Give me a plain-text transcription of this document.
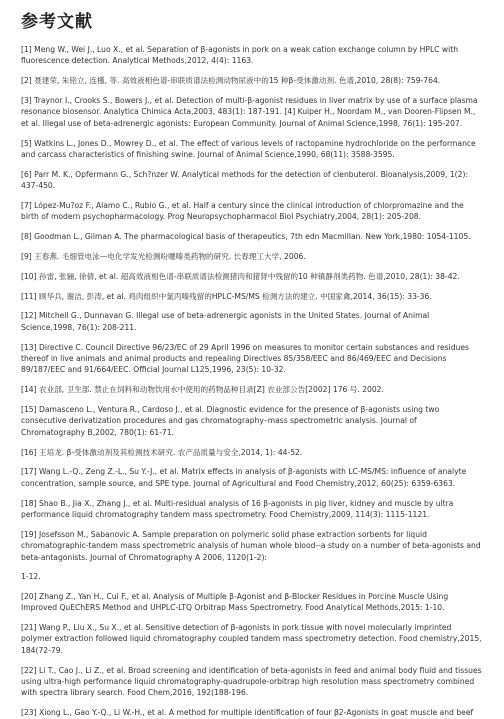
参考文献
[1] Meng W., Wei J., Luo X., et al. Separation of β-agonists in pork on a weak cation exchange column by HPLC with fluorescence detection. Analytical Methods,2012, 4(4): 1163.
[2] 聂建荣, 朱铭立, 连槿, 等. 高效液相色谱-串联质谱法检测动物尿液中的15 种β-受体激动剂. 色谱,2010, 28(8): 759-764.
[3] Traynor I., Crooks S., Bowers J., et al. Detection of multi-β-agonist residues in liver matrix by use of a surface plasma resonance biosensor. Analytica Chimica Acta,2003, 483(1): 187-191. [4] Kuiper H., Noordam M., van Dooren-Flipsen M., et al. Illegal use of beta-adrenergic agonists: European Community. Journal of Animal Science,1998, 76(1): 195-207.
[5] Watkins L., Jones D., Mowrey D., et al. The effect of various levels of ractopamine hydrochloride on the performance and carcass characteristics of finishing swine. Journal of Animal Science,1990, 68(11): 3588-3595.
[6] Parr M. K., Opfermann G., Sch?nzer W. Analytical methods for the detection of clenbuterol. Bioanalysis,2009, 1(2): 437-450.
[7] López-Mu?oz F., Alamo C., Rubio G., et al. Half a century since the clinical introduction of chlorpromazine and the birth of modern psychopharmacology. Prog Neuropsychopharmacol Biol Psychiatry,2004, 28(1): 205-208.
[8] Goodman L., Gilman A. The pharmacological basis of therapeutics, 7th edn Macmillan. New York,1980: 1054-1105.
[9] 王春燕. 毛细管电泳—电化学发光检测吩噻嗪类药物的研究. 长春理工大学, 2006.
[10] 孙雷, 张骊, 徐倩, et al. 超高效液相色谱-串联质谱法检测猪肉和猪肾中残留的10 种镇静剂类药物. 色谱,2010, 28(1): 38-42.
[11] 顾华兵, 谢洁, 彭涛, et al. 鸡肉组织中氯丙嗪残留的HPLC-MS/MS 检测方法的建立. 中国家禽,2014, 36(15): 33-36.
[12] Mitchell G., Dunnavan G. Illegal use of beta-adrenergic agonists in the United States. Journal of Animal Science,1998, 76(1): 208-211.
[13] Directive C. Council Directive 96/23/EC of 29 April 1996 on measures to monitor certain substances and residues thereof in live animals and animal products and repealing Directives 85/358/EEC and 86/469/EEC and Decisions 89/187/EEC and 91/664/EEC. Official Journal L125,1996, 23(5): 10-32.
[14] 农业部, 卫生部. 禁止在饲料和动物饮用水中使用的药物品种目录[Z] 农业部公告[2002] 176 号. 2002.
[15] Damasceno L., Ventura R., Cardoso J., et al. Diagnostic evidence for the presence of β-agonists using two consecutive derivatization procedures and gas chromatography–mass spectrometric analysis. Journal of Chromatography B,2002, 780(1): 61-71.
[16] 王培龙. β-受体激动剂及其检测技术研究. 农产品质量与安全,2014, 1): 44-52.
[17] Wang L.-Q., Zeng Z.-L., Su Y.-J., et al. Matrix effects in analysis of β-agonists with LC-MS/MS: influence of analyte concentration, sample source, and SPE type. Journal of Agricultural and Food Chemistry,2012, 60(25): 6359-6363.
[18] Shao B., Jia X., Zhang J., et al. Multi-residual analysis of 16 β-agonists in pig liver, kidney and muscle by ultra performance liquid chromatography tandem mass spectrometry. Food Chemistry,2009, 114(3): 1115-1121.
[19] Josefsson M., Sabanovic A. Sample preparation on polymeric solid phase extraction sorbents for liquid chromatographic-tandem mass spectrometric analysis of human whole blood--a study on a number of beta-agonists and beta-antagonists. Journal of Chromatography A 2006, 1120(1-2):
1-12.
[20] Zhang Z., Yan H., Cui F., et al. Analysis of Multiple β-Agonist and β-Blocker Residues in Porcine Muscle Using Improved QuEChERS Method and UHPLC-LTQ Orbitrap Mass Spectrometry. Food Analytical Methods,2015: 1-10.
[21] Wang P., Liu X., Su X., et al. Sensitive detection of β-agonists in pork tissue with novel molecularly imprinted polymer extraction followed liquid chromatography coupled tandem mass spectrometry detection. Food chemistry,2015, 184(72-79.
[22] Li T., Cao J., Li Z., et al. Broad screening and identification of beta-agonists in feed and animal body fluid and tissues using ultra-high performance liquid chromatography-quadrupole-orbitrap high resolution mass spectrometry combined with spectra library search. Food Chem,2016, 192(188-196.
[23] Xiong L., Gao Y.-Q., Li W.-H., et al. A method for multiple identification of four β2-Agonists in goat muscle and beef
